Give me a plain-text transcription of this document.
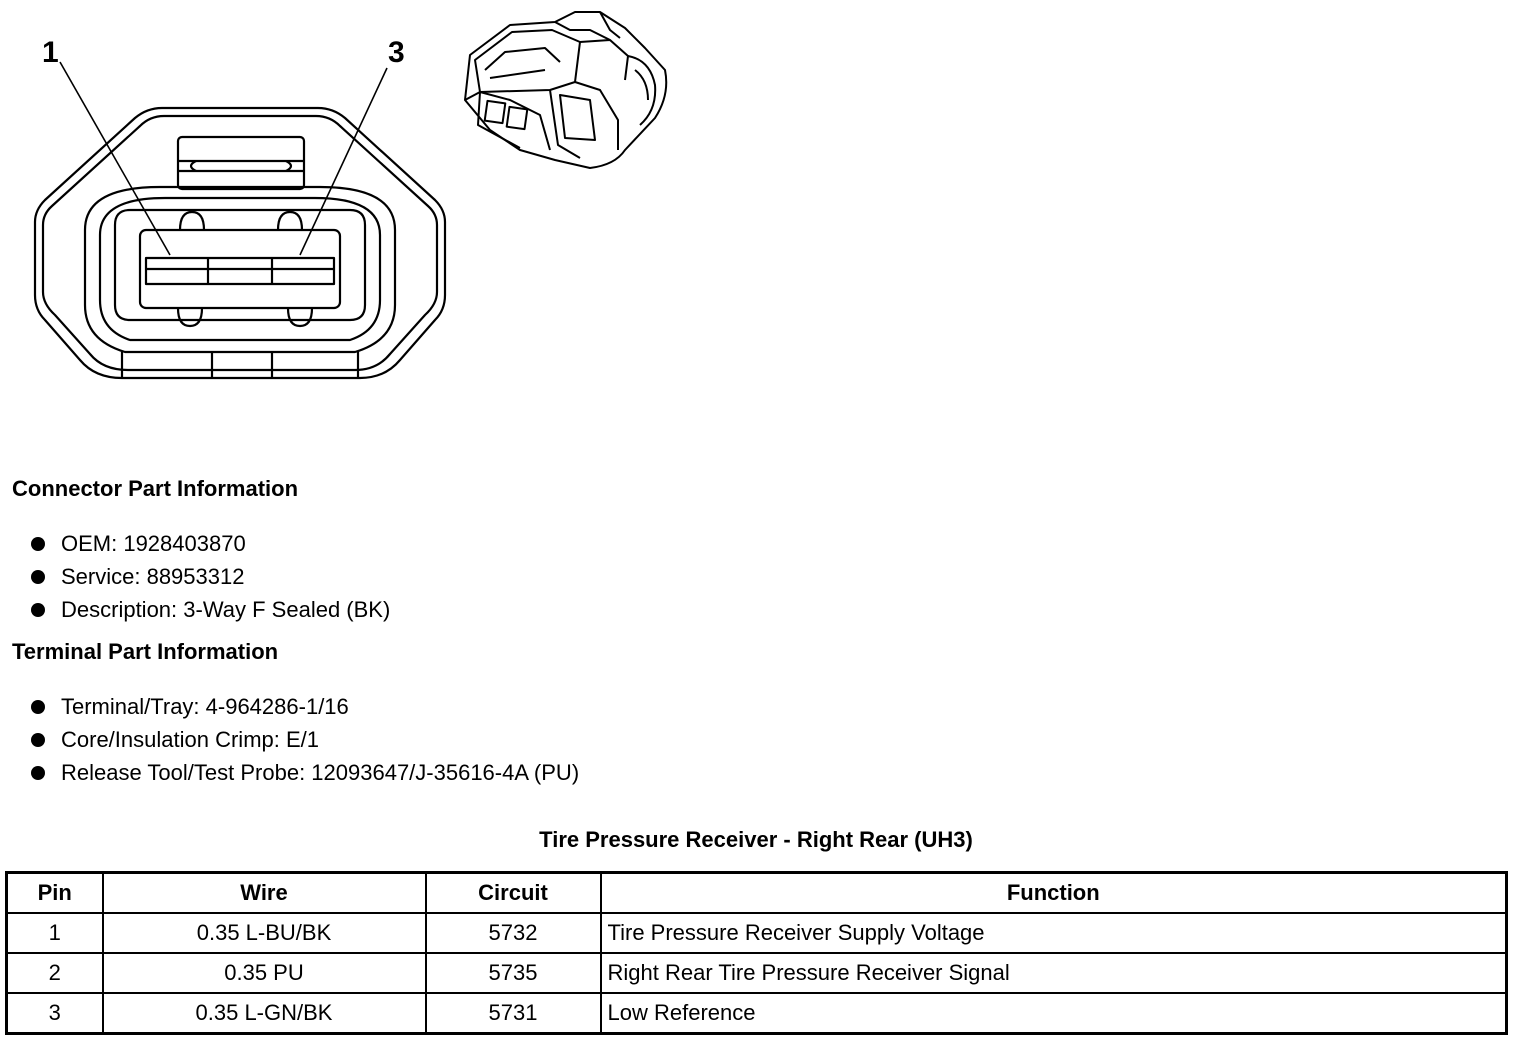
1	3
Connector Part Information
OEM: 1928403870
Service: 88953312
Description: 3-Way F Sealed (BK)
Terminal Part Information
Terminal/Tray: 4-964286-1/16
Core/Insulation Crimp: E/1
Release Tool/Test Probe: 12093647/J-35616-4A (PU)
Tire Pressure Receiver - Right Rear (UH3)
Pin	Wire	Circuit	Function
1	0.35 L-BU/BK	5732	Tire Pressure Receiver Supply Voltage
2	0.35 PU	5735	Right Rear Tire Pressure Receiver Signal
3	0.35 L-GN/BK	5731	Low Reference
